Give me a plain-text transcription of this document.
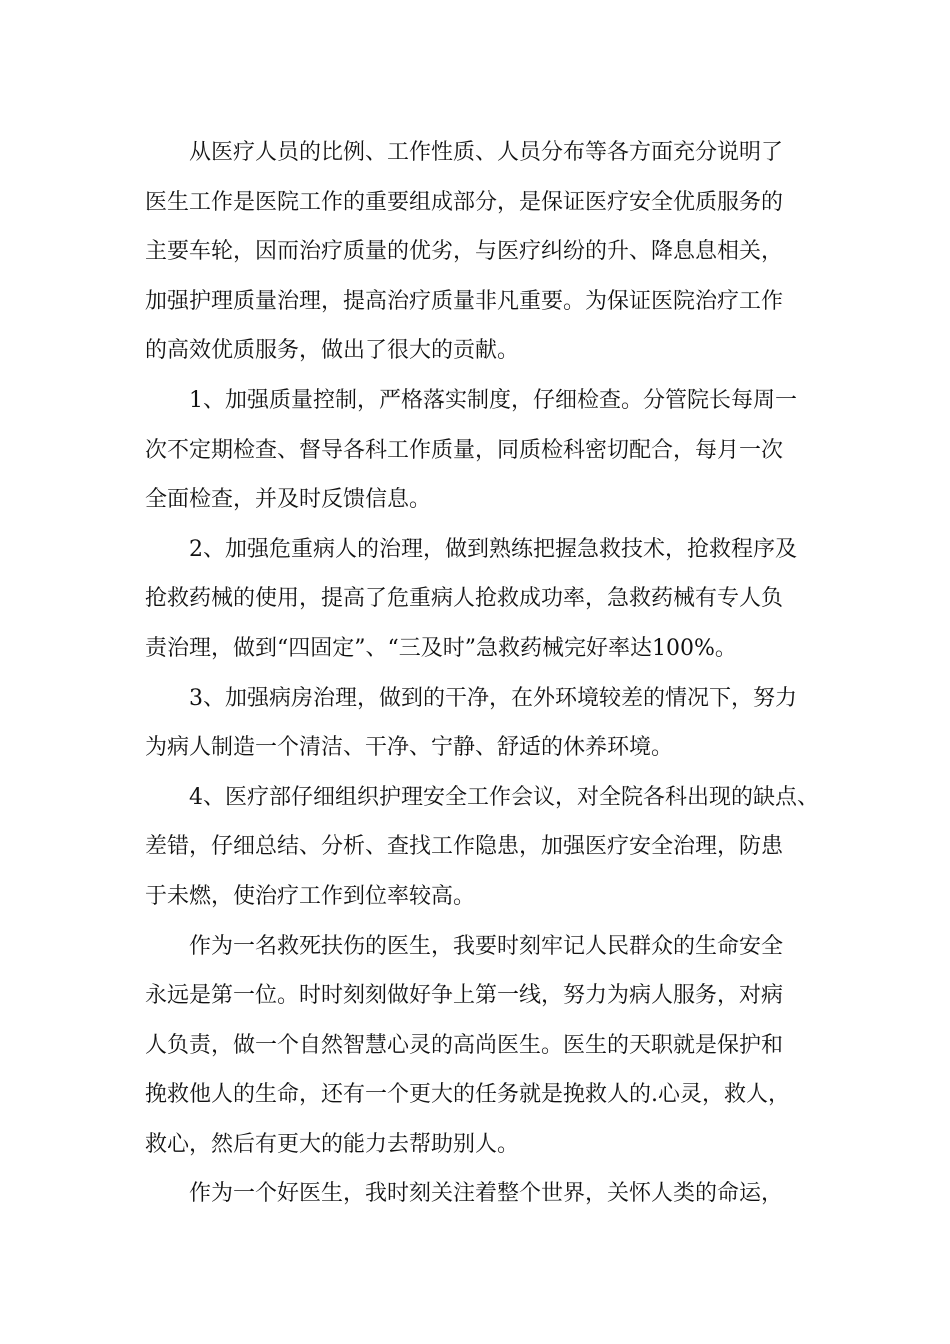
从医疗人员的比例、工作性质、人员分布等各方面充分说明了
医生工作是医院工作的重要组成部分，是保证医疗安全优质服务的
主要车轮，因而治疗质量的优劣，与医疗纠纷的升、降息息相关，
加强护理质量治理，提高治疗质量非凡重要。为保证医院治疗工作
的高效优质服务，做出了很大的贡献。
1、加强质量控制，严格落实制度，仔细检查。分管院长每周一
次不定期检查、督导各科工作质量，同质检科密切配合，每月一次
全面检查，并及时反馈信息。
2、加强危重病人的治理，做到熟练把握急救技术，抢救程序及
抢救药械的使用，提高了危重病人抢救成功率，急救药械有专人负
责治理，做到“四固定”、“三及时”急救药械完好率达100%。
3、加强病房治理，做到的干净，在外环境较差的情况下，努力
为病人制造一个清洁、干净、宁静、舒适的休养环境。
4、医疗部仔细组织护理安全工作会议，对全院各科出现的缺点、
差错，仔细总结、分析、查找工作隐患，加强医疗安全治理，防患
于未燃，使治疗工作到位率较高。
作为一名救死扶伤的医生，我要时刻牢记人民群众的生命安全
永远是第一位。时时刻刻做好争上第一线，努力为病人服务，对病
人负责，做一个自然智慧心灵的高尚医生。医生的天职就是保护和
挽救他人的生命，还有一个更大的任务就是挽救人的.心灵，救人，
救心，然后有更大的能力去帮助别人。
作为一个好医生，我时刻关注着整个世界，关怀人类的命运，
